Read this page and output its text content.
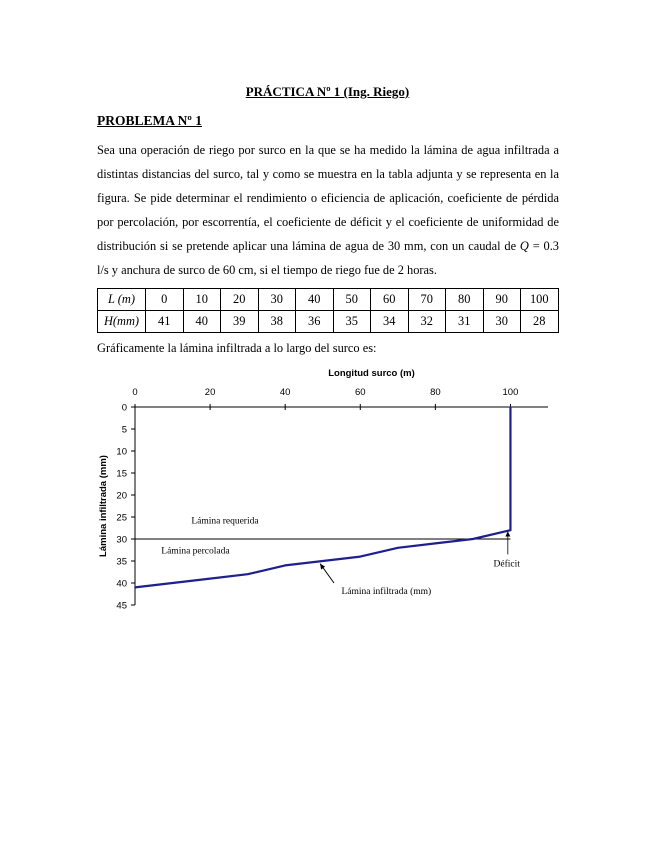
PRÁCTICA Nº 1 (Ing. Riego)
PROBLEMA Nº 1

Sea una operación de riego por surco en la que se ha medido la lámina de agua infiltrada a distintas distancias del surco, tal y como se muestra en la tabla adjunta y se representa en la figura. Se pide determinar el rendimiento o eficiencia de aplicación, coeficiente de pérdida por percolación, por escorrentía, el coeficiente de déficit y el coeficiente de uniformidad de distribución si se pretende aplicar una lámina de agua de 30 mm, con un caudal de Q = 0.3 l/s y anchura de surco de 60 cm, si el tiempo de riego fue de 2 horas.

L (m)	0	10	20	30	40	50	60	70	80	90	100
H(mm)	41	40	39	38	36	35	34	32	31	30	28
Gráficamente la lámina infiltrada a lo largo del surco es:
0	20	40	60	80	100
0
5
10
15
20
25
30
35
40
45
Longitud surco (m)
Lámina infiltrada (mm)	Lámina requerida
Lámina percolada
Lámina infiltrada (mm)
Déficit
